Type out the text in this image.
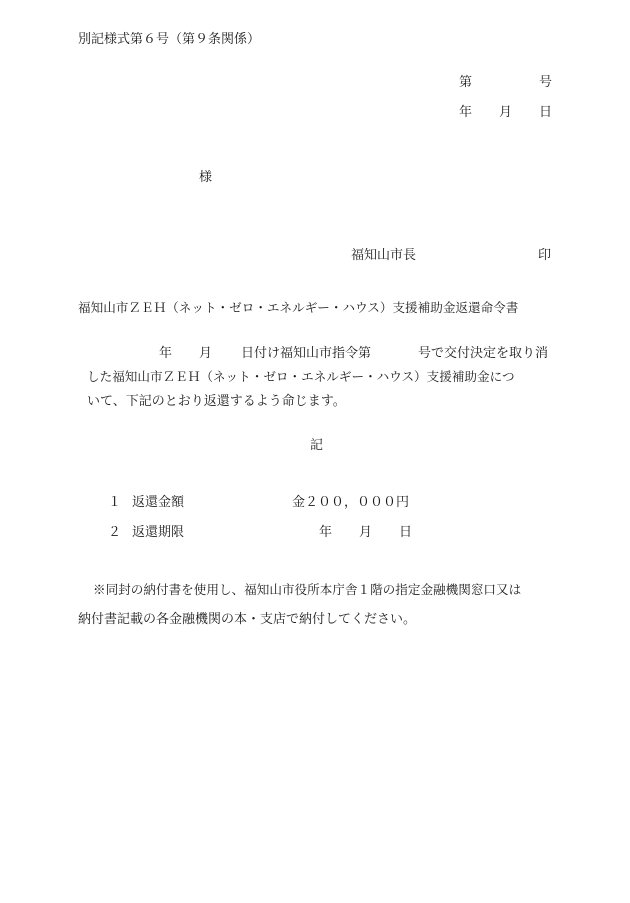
別記様式第６号（第９条関係）
第	号
年 月 日
様
福知山市長	印
福知山市ＺＥＨ（ネット・ゼロ・エネルギー・ハウス）支援補助金返還命令書
年 月 日付け福知山市指令第	号で交付決定を取り消
した福知山市ＺＥＨ（ネット・ゼロ・エネルギー・ハウス）支援補助金につ
いて、下記のとおり返還するよう命じます。
記
１ 返還金額	金２００，０００円
２ 返還期限	年 月 日
※同封の納付書を使用し、福知山市役所本庁舎１階の指定金融機関窓口又は
納付書記載の各金融機関の本・支店で納付してください。
